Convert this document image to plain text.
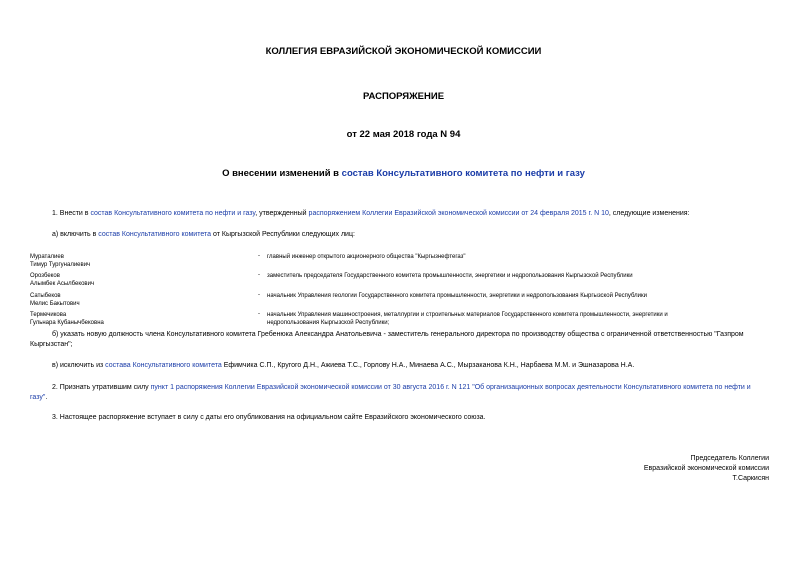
КОЛЛЕГИЯ ЕВРАЗИЙСКОЙ ЭКОНОМИЧЕСКОЙ КОМИССИИ
РАСПОРЯЖЕНИЕ
от 22 мая 2018 года N 94
О внесении изменений в состав Консультативного комитета по нефти и газу
1. Внести в состав Консультативного комитета по нефти и газу, утвержденный распоряжением Коллегии Евразийской экономической комиссии от 24 февраля 2015 г. N 10, следующие изменения:
а) включить в состав Консультативного комитета от Кыргызской Республики следующих лиц:
Мураталиев
Тимур Тургуналиевич
- главный инженер открытого акционерного общества "Кыргызнефтегаз"
Орозбеков
Алымбек Асылбекович
- заместитель председателя Государственного комитета промышленности, энергетики и недропользования Кыргызской Республики
Сатыбеков
Мелис Бакытович
- начальник Управления геологии Государственного комитета промышленности, энергетики и недропользования Кыргызской Республики
Термечикова
Гульнара Кубанычбековна
- начальник Управления машиностроения, металлургии и строительных материалов Государственного комитета промышленности, энергетики и
недропользования Кыргызской Республики;
б) указать новую должность члена Консультативного комитета Гребенюка Александра Анатольевича - заместитель генерального директора по производству общества с ограниченной ответственностью "Газпром
Кыргызстан";
в) исключить из состава Консультативного комитета Ефимчика С.П., Кругого Д.Н., Ажиева Т.С., Горлову Н.А., Минаева А.С., Мырзаканова К.Н., Нарбаева М.М. и Эшназарова Н.А.
2. Признать утратившим силу пункт 1 распоряжения Коллегии Евразийской экономической комиссии от 30 августа 2016 г. N 121 "Об организационных вопросах деятельности Консультативного комитета по нефти и
газу".
3. Настоящее распоряжение вступает в силу с даты его опубликования на официальном сайте Евразийского экономического союза.
Председатель Коллегии
Евразийской экономической комиссии
Т.Саркисян
